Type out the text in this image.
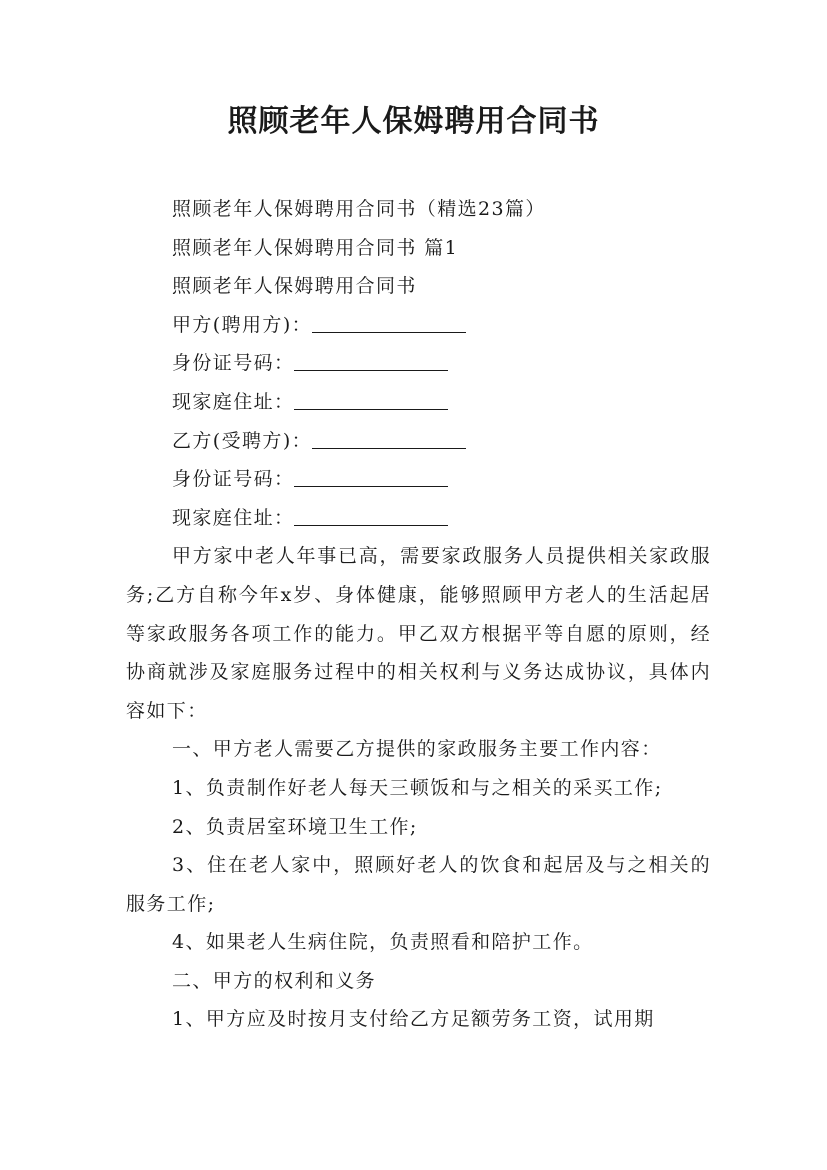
照顾老年人保姆聘用合同书
照顾老年人保姆聘用合同书（精选23篇）
照顾老年人保姆聘用合同书 篇1
照顾老年人保姆聘用合同书
甲方(聘用方)：
身份证号码：
现家庭住址：
乙方(受聘方)：
身份证号码：
现家庭住址：

甲方家中老人年事已高，需要家政服务人员提供相关家政服务;乙方自称今年x岁、身体健康，能够照顾甲方老人的生活起居等家政服务各项工作的能力。甲乙双方根据平等自愿的原则，经协商就涉及家庭服务过程中的相关权利与义务达成协议，具体内容如下：

一、甲方老人需要乙方提供的家政服务主要工作内容：
1、负责制作好老人每天三顿饭和与之相关的采买工作;
2、负责居室环境卫生工作;

3、住在老人家中，照顾好老人的饮食和起居及与之相关的服务工作;

4、如果老人生病住院，负责照看和陪护工作。
二、甲方的权利和义务
1、甲方应及时按月支付给乙方足额劳务工资，试用期
